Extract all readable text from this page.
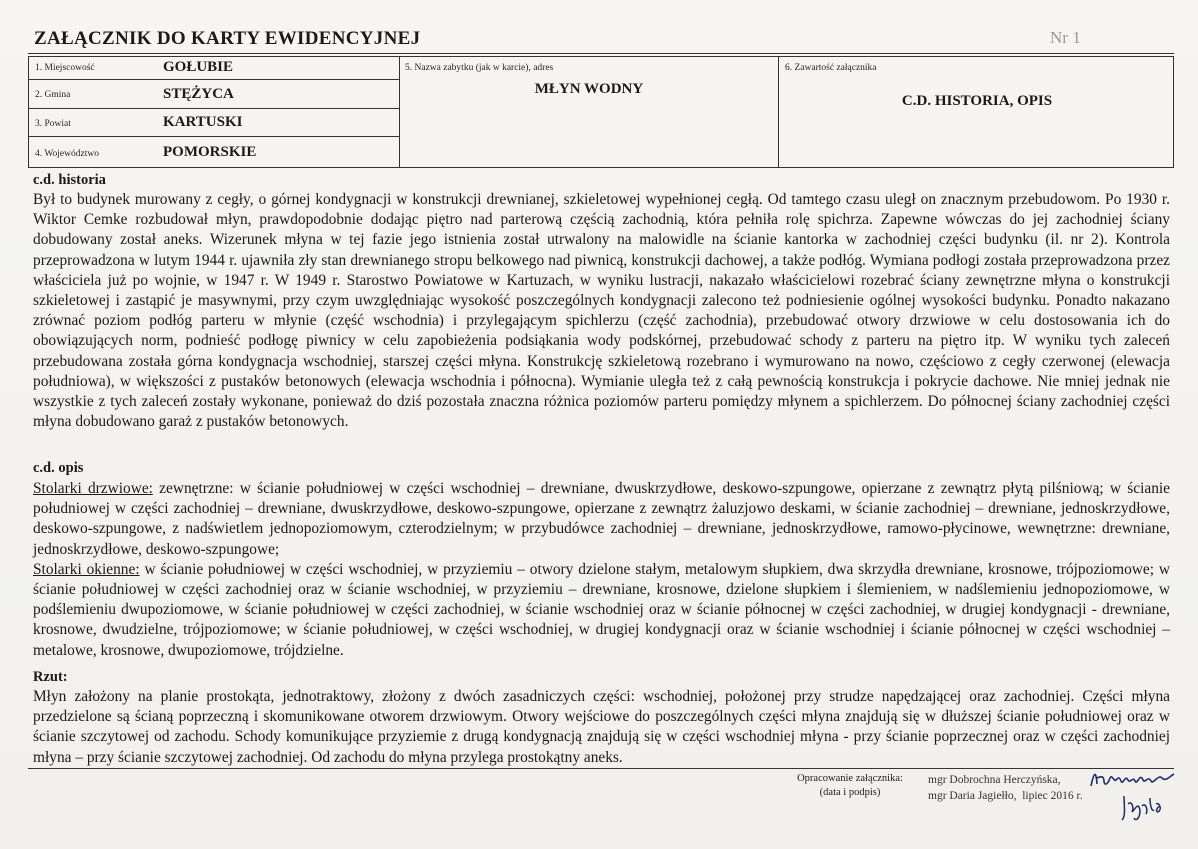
ZAŁĄCZNIK DO KARTY EWIDENCYJNEJ	Nr 1
1. Miejscowość	GOŁUBIE
2. Gmina	STĘŻYCA
3. Powiat	KARTUSKI
4. Województwo	POMORSKIE
5. Nazwa zabytku (jak w karcie), adres
MŁYN WODNY
6. Zawartość załącznika
C.D. HISTORIA, OPIS
c.d. historia
Był to budynek murowany z cegły, o górnej kondygnacji w konstrukcji drewnianej, szkieletowej wypełnionej cegłą. Od tamtego czasu uległ on znacznym przebudowom. Po 1930 r. Wiktor Cemke rozbudował młyn, prawdopodobnie dodając piętro nad parterową częścią zachodnią, która pełniła rolę spichrza. Zapewne wówczas do jej zachodniej ściany dobudowany został aneks. Wizerunek młyna w tej fazie jego istnienia został utrwalony na malowidle na ścianie kantorka w zachodniej części budynku (il. nr 2). Kontrola przeprowadzona w lutym 1944 r. ujawniła zły stan drewnianego stropu belkowego nad piwnicą, konstrukcji dachowej, a także podłóg. Wymiana podłogi została przeprowadzona przez właściciela już po wojnie, w 1947 r. W 1949 r. Starostwo Powiatowe w Kartuzach, w wyniku lustracji, nakazało właścicielowi rozebrać ściany zewnętrzne młyna o konstrukcji szkieletowej i zastąpić je masywnymi, przy czym uwzględniając wysokość poszczególnych kondygnacji zalecono też podniesienie ogólnej wysokości budynku. Ponadto nakazano zrównać poziom podłóg parteru w młynie (część wschodnia) i przylegającym spichlerzu (część zachodnia), przebudować otwory drzwiowe w celu dostosowania ich do obowiązujących norm, podnieść podłogę piwnicy w celu zapobieżenia podsiąkania wody podskórnej, przebudować schody z parteru na piętro itp. W wyniku tych zaleceń przebudowana została górna kondygnacja wschodniej, starszej części młyna. Konstrukcję szkieletową rozebrano i wymurowano na nowo, częściowo z cegły czerwonej (elewacja południowa), w większości z pustaków betonowych (elewacja wschodnia i północna). Wymianie uległa też z całą pewnością konstrukcja i pokrycie dachowe. Nie mniej jednak nie wszystkie z tych zaleceń zostały wykonane, ponieważ do dziś pozostała znaczna różnica poziomów parteru pomiędzy młynem a spichlerzem. Do północnej ściany zachodniej części młyna dobudowano garaż z pustaków betonowych.
c.d. opis
Stolarki drzwiowe: zewnętrzne: w ścianie południowej w części wschodniej – drewniane, dwuskrzydłowe, deskowo-szpungowe, opierzane z zewnątrz płytą pilśniową; w ścianie południowej w części zachodniej – drewniane, dwuskrzydłowe, deskowo-szpungowe, opierzane z zewnątrz żaluzjowo deskami, w ścianie zachodniej – drewniane, jednoskrzydłowe, deskowo-szpungowe, z nadświetlem jednopoziomowym, czterodzielnym; w przybudówce zachodniej – drewniane, jednoskrzydłowe, ramowo-płycinowe, wewnętrzne: drewniane, jednoskrzydłowe, deskowo-szpungowe;
Stolarki okienne: w ścianie południowej w części wschodniej, w przyziemiu – otwory dzielone stałym, metalowym słupkiem, dwa skrzydła drewniane, krosnowe, trójpoziomowe; w ścianie południowej w części zachodniej oraz w ścianie wschodniej, w przyziemiu – drewniane, krosnowe, dzielone słupkiem i ślemieniem, w nadślemieniu jednopoziomowe, w podślemieniu dwupoziomowe, w ścianie południowej w części zachodniej, w ścianie wschodniej oraz w ścianie północnej w części zachodniej, w drugiej kondygnacji - drewniane, krosnowe, dwudzielne, trójpoziomowe; w ścianie południowej, w części wschodniej, w drugiej kondygnacji oraz w ścianie wschodniej i ścianie północnej w części wschodniej – metalowe, krosnowe, dwupoziomowe, trójdzielne.
Rzut:
Młyn założony na planie prostokąta, jednotraktowy, złożony z dwóch zasadniczych części: wschodniej, położonej przy strudze napędzającej oraz zachodniej. Części młyna przedzielone są ścianą poprzeczną i skomunikowane otworem drzwiowym. Otwory wejściowe do poszczególnych części młyna znajdują się w dłuższej ścianie południowej oraz w ścianie szczytowej od zachodu. Schody komunikujące przyziemie z drugą kondygnacją znajdują się w części wschodniej młyna - przy ścianie poprzecznej oraz w części zachodniej młyna – przy ścianie szczytowej zachodniej. Od zachodu do młyna przylega prostokątny aneks.
Opracowanie załącznika:
(data i podpis)
mgr Dobrochna Herczyńska,
mgr Daria Jagiełło, lipiec 2016 r.
